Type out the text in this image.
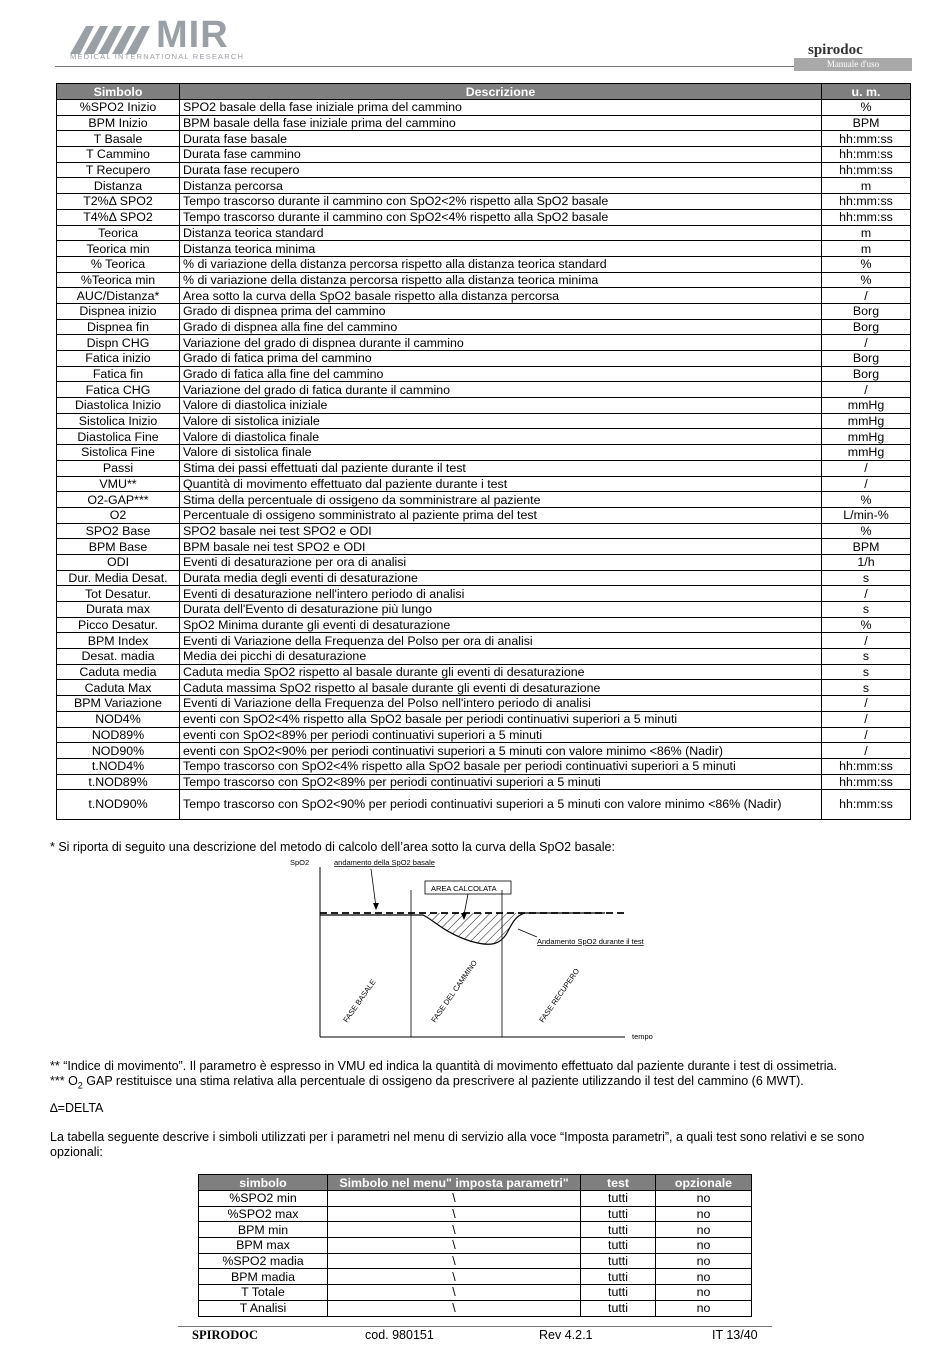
MIR
MEDICAL INTERNATIONAL RESEARCH	spirodoc
Manuale d'uso
Simbolo	Descrizione	u. m.
%SPO2 Inizio	SPO2 basale della fase iniziale prima del cammino	%
BPM Inizio	BPM basale della fase iniziale prima del cammino	BPM
T Basale	Durata fase basale	hh:mm:ss
T Cammino	Durata fase cammino	hh:mm:ss
T Recupero	Durata fase recupero	hh:mm:ss
Distanza	Distanza percorsa	m
T2%Δ SPO2	Tempo trascorso durante il cammino con SpO2<2% rispetto alla SpO2 basale	hh:mm:ss
T4%Δ SPO2	Tempo trascorso durante il cammino con SpO2<4% rispetto alla SpO2 basale	hh:mm:ss
Teorica	Distanza teorica standard	m
Teorica min	Distanza teorica minima	m
% Teorica	% di variazione della distanza percorsa rispetto alla distanza teorica standard	%
%Teorica min	% di variazione della distanza percorsa rispetto alla distanza teorica minima	%
AUC/Distanza*	Area sotto la curva della SpO2 basale rispetto alla distanza percorsa	/
Dispnea inizio	Grado di dispnea prima del cammino	Borg
Dispnea fin	Grado di dispnea alla fine del cammino	Borg
Dispn CHG	Variazione del grado di dispnea durante il cammino	/
Fatica inizio	Grado di fatica prima del cammino	Borg
Fatica fin	Grado di fatica alla fine del cammino	Borg
Fatica CHG	Variazione del grado di fatica durante il cammino	/
Diastolica Inizio	Valore di diastolica iniziale	mmHg
Sistolica Inizio	Valore di sistolica iniziale	mmHg
Diastolica Fine	Valore di diastolica finale	mmHg
Sistolica Fine	Valore di sistolica finale	mmHg
Passi	Stima dei passi effettuati dal paziente durante il test	/
VMU**	Quantità di movimento effettuato dal paziente durante i test	/
O2-GAP***	Stima della percentuale di ossigeno da somministrare al paziente	%
O2	Percentuale di ossigeno somministrato al paziente prima del test	L/min-%
SPO2 Base	SPO2 basale nei test SPO2 e ODI	%
BPM Base	BPM basale nei test SPO2 e ODI	BPM
ODI	Eventi di desaturazione per ora di analisi	1/h
Dur. Media Desat.	Durata media degli eventi di desaturazione	s
Tot Desatur.	Eventi di desaturazione nell'intero periodo di analisi	/
Durata max	Durata dell'Evento di desaturazione più lungo	s
Picco Desatur.	SpO2 Minima durante gli eventi di desaturazione	%
BPM Index	Eventi di Variazione della Frequenza del Polso per ora di analisi	/
Desat. madia	Media dei picchi di desaturazione	s
Caduta media	Caduta media SpO2 rispetto al basale durante gli eventi di desaturazione	s
Caduta Max	Caduta massima SpO2 rispetto al basale durante gli eventi di desaturazione	s
BPM Variazione	Eventi di Variazione della Frequenza del Polso nell'intero periodo di analisi	/
NOD4%	eventi con SpO2<4% rispetto alla SpO2 basale per periodi continuativi superiori a 5 minuti	/
NOD89%	eventi con SpO2<89% per periodi continuativi superiori a 5 minuti	/
NOD90%	eventi con SpO2<90% per periodi continuativi superiori a 5 minuti con valore minimo <86% (Nadir)	/
t.NOD4%	Tempo trascorso con SpO2<4% rispetto alla SpO2 basale per periodi continuativi superiori a 5 minuti	hh:mm:ss
t.NOD89%	Tempo trascorso con SpO2<89% per periodi continuativi superiori a 5 minuti	hh:mm:ss
t.NOD90%	Tempo trascorso con SpO2<90% per periodi continuativi superiori a 5 minuti con valore minimo <86% (Nadir)	hh:mm:ss
* Si riporta di seguito una descrizione del metodo di calcolo dell’area sotto la curva della SpO2 basale:
SpO2	andamento della SpO2 basale
AREA CALCOLATA
Andamento SpO2 durante il test
FASE BASALE	FASE DEL CAMMINO	FASE RECUPERO
tempo
** “Indice di movimento”. Il parametro è espresso in VMU ed indica la quantità di movimento effettuato dal paziente durante i test di ossimetria.
*** $O_2$ GAP restituisce una stima relativa alla percentuale di ossigeno da prescrivere al paziente utilizzando il test del cammino (6 MWT).
∆=DELTA
La tabella seguente descrive i simboli utilizzati per i parametri nel menu di servizio alla voce “Imposta parametri”, a quali test sono relativi e se sono opzionali:
simbolo	Simbolo nel menu" imposta parametri"	test	opzionale
%SPO2 min	\	tutti	no
%SPO2 max	\	tutti	no
BPM min	\	tutti	no
BPM max	\	tutti	no
%SPO2 madia	\	tutti	no
BPM madia	\	tutti	no
T Totale	\	tutti	no
T Analisi	\	tutti	no
SPIRODOC	cod. 980151	Rev 4.2.1	IT 13/40
